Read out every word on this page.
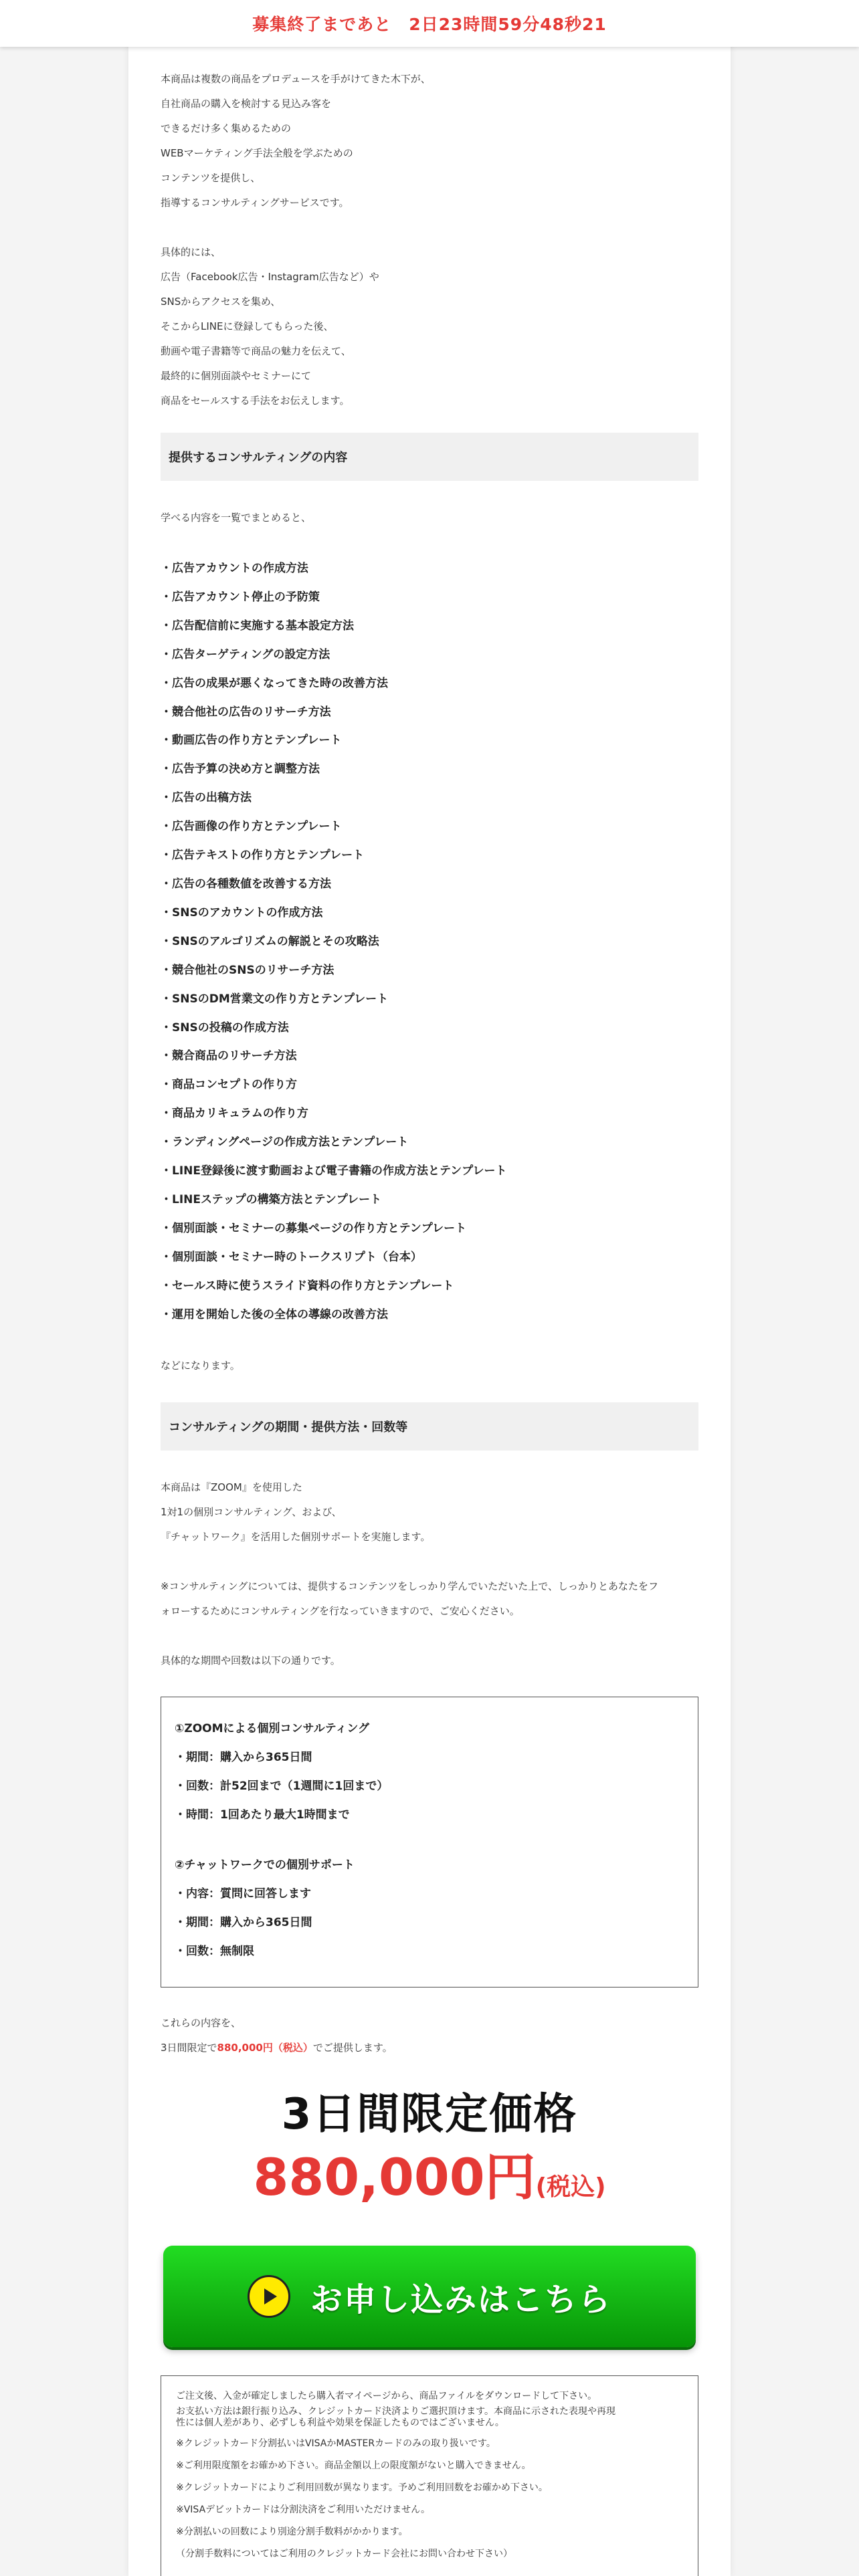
募集終了まであと　2日23時間59分48秒21
本商品は複数の商品をプロデュースを手がけてきた木下が、
自社商品の購入を検討する見込み客を
できるだけ多く集めるための
WEBマーケティング手法全般を学ぶための
コンテンツを提供し、
指導するコンサルティングサービスです。
具体的には、
広告（Facebook広告・Instagram広告など）や
SNSからアクセスを集め、
そこからLINEに登録してもらった後、
動画や電子書籍等で商品の魅力を伝えて、
最終的に個別面談やセミナーにて
商品をセールスする手法をお伝えします。
提供するコンサルティングの内容
学べる内容を一覧でまとめると、
・広告アカウントの作成方法
・広告アカウント停止の予防策
・広告配信前に実施する基本設定方法
・広告ターゲティングの設定方法
・広告の成果が悪くなってきた時の改善方法
・競合他社の広告のリサーチ方法
・動画広告の作り方とテンプレート
・広告予算の決め方と調整方法
・広告の出稿方法
・広告画像の作り方とテンプレート
・広告テキストの作り方とテンプレート
・広告の各種数値を改善する方法
・SNSのアカウントの作成方法
・SNSのアルゴリズムの解説とその攻略法
・競合他社のSNSのリサーチ方法
・SNSのDM営業文の作り方とテンプレート
・SNSの投稿の作成方法
・競合商品のリサーチ方法
・商品コンセプトの作り方
・商品カリキュラムの作り方
・ランディングページの作成方法とテンプレート
・LINE登録後に渡す動画および電子書籍の作成方法とテンプレート
・LINEステップの構築方法とテンプレート
・個別面談・セミナーの募集ページの作り方とテンプレート
・個別面談・セミナー時のトークスリプト（台本）
・セールス時に使うスライド資料の作り方とテンプレート
・運用を開始した後の全体の導線の改善方法
などになります。
コンサルティングの期間・提供方法・回数等
本商品は『ZOOM』を使用した
1対1の個別コンサルティング、および、
『チャットワーク』を活用した個別サポートを実施します。
※コンサルティングについては、提供するコンテンツをしっかり学んでいただいた上で、しっかりとあなたをフ
ォローするためにコンサルティングを行なっていきますので、ご安心ください。
具体的な期間や回数は以下の通りです。
①ZOOMによる個別コンサルティング
・期間：購入から365日間
・回数：計52回まで（1週間に1回まで）
・時間：1回あたり最大1時間まで
②チャットワークでの個別サポート
・内容：質問に回答します
・期間：購入から365日間
・回数：無制限
これらの内容を、
3日間限定で880,000円（税込）でご提供します。
3日間限定価格
880,000円(税込)
お申し込みはこちら
ご注文後、入金が確定しましたら購入者マイページから、商品ファイルをダウンロードして下さい。
お支払い方法は銀行振り込み、クレジットカード決済よりご選択頂けます。本商品に示された表現や再現
性には個人差があり、必ずしも利益や効果を保証したものではございません。
※クレジットカード分割払いはVISAかMASTERカードのみの取り扱いです。
※ご利用限度額をお確かめ下さい。商品金額以上の限度額がないと購入できません。
※クレジットカードによりご利用回数が異なります。予めご利用回数をお確かめ下さい。
※VISAデビットカードは分割決済をご利用いただけません。
※分割払いの回数により別途分割手数料がかかります。
（分割手数料についてはご利用のクレジットカード会社にお問い合わせ下さい）
